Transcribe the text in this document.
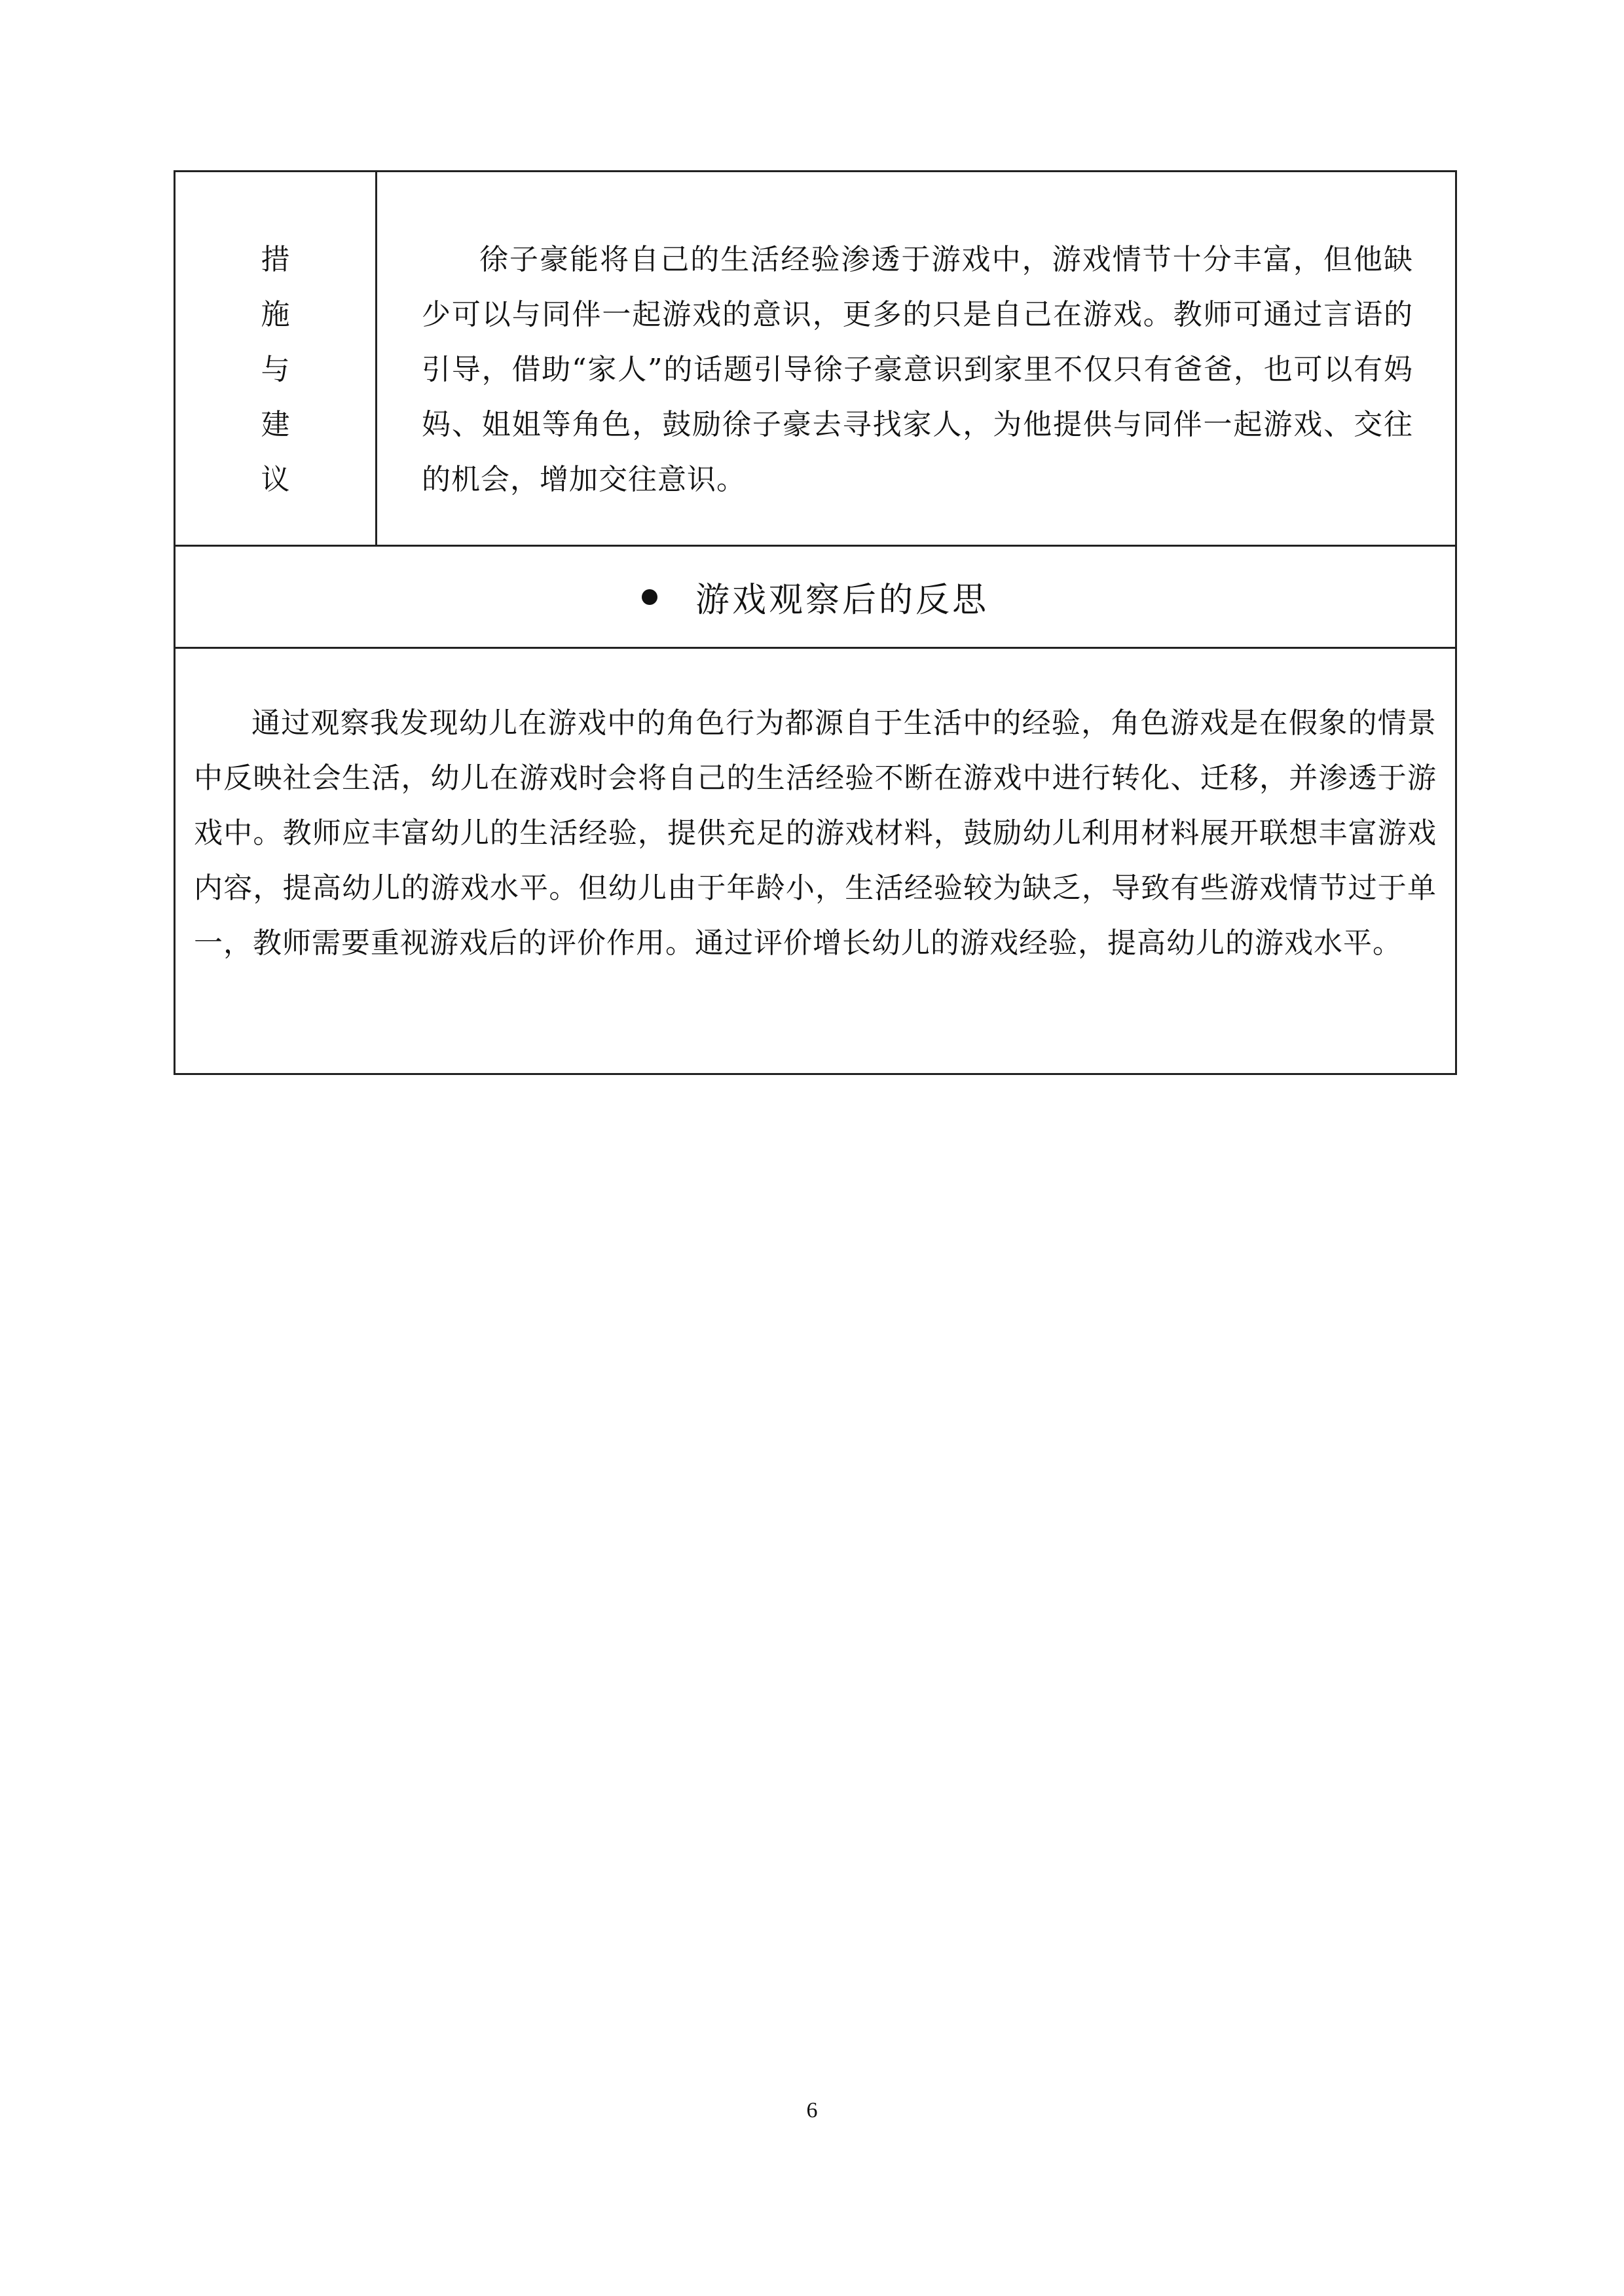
措
施
与
建
议

徐子豪能将自己的生活经验渗透于游戏中，游戏情节十分丰富，但他缺少可以与同伴一起游戏的意识，更多的只是自己在游戏。教师可通过言语的引导，借助“家人”的话题引导徐子豪意识到家里不仅只有爸爸，也可以有妈妈、姐姐等角色，鼓励徐子豪去寻找家人，为他提供与同伴一起游戏、交往的机会，增加交往意识。

游戏观察后的反思

通过观察我发现幼儿在游戏中的角色行为都源自于生活中的经验，角色游戏是在假象的情景中反映社会生活，幼儿在游戏时会将自己的生活经验不断在游戏中进行转化、迁移，并渗透于游戏中。教师应丰富幼儿的生活经验，提供充足的游戏材料，鼓励幼儿利用材料展开联想丰富游戏内容，提高幼儿的游戏水平。但幼儿由于年龄小，生活经验较为缺乏，导致有些游戏情节过于单一，教师需要重视游戏后的评价作用。通过评价增长幼儿的游戏经验，提高幼儿的游戏水平。

6
